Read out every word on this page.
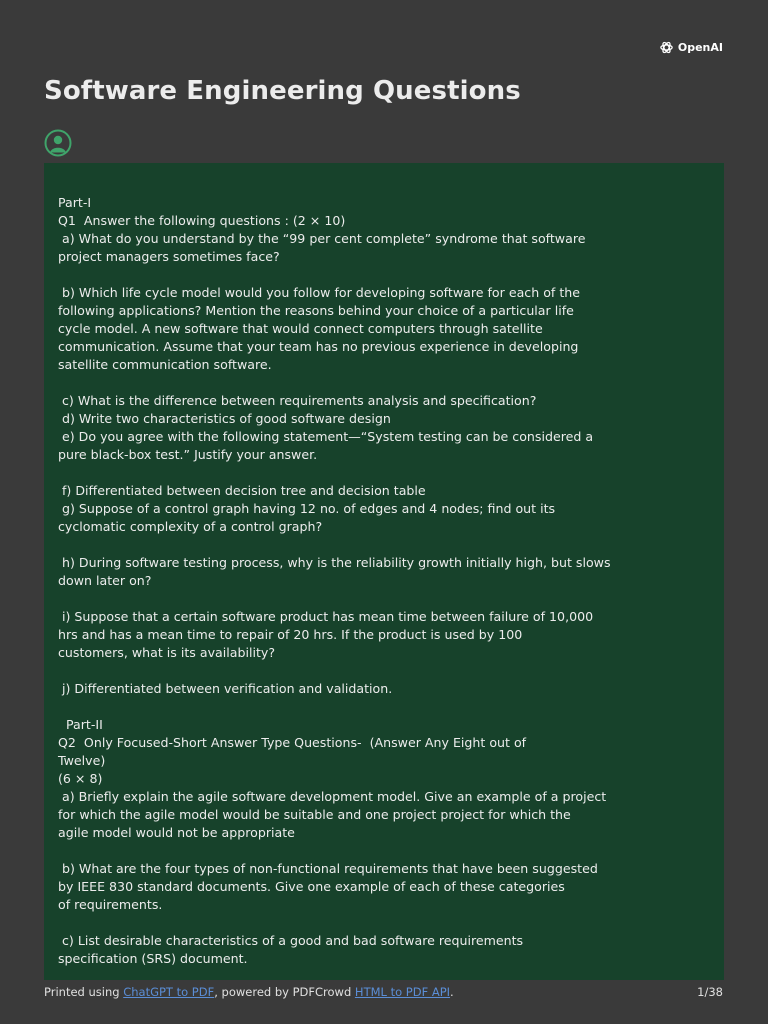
OpenAI
Software Engineering Questions
Part-I
Q1  Answer the following questions : (2 × 10)
a) What do you understand by the “99 per cent complete” syndrome that software
project managers sometimes face?
b) Which life cycle model would you follow for developing software for each of the
following applications? Mention the reasons behind your choice of a particular life
cycle model. A new software that would connect computers through satellite
communication. Assume that your team has no previous experience in developing
satellite communication software.
c) What is the difference between requirements analysis and specification?
d) Write two characteristics of good software design
e) Do you agree with the following statement—“System testing can be considered a
pure black-box test.” Justify your answer.
f) Differentiated between decision tree and decision table
g) Suppose of a control graph having 12 no. of edges and 4 nodes; find out its
cyclomatic complexity of a control graph?
h) During software testing process, why is the reliability growth initially high, but slows
down later on?
i) Suppose that a certain software product has mean time between failure of 10,000
hrs and has a mean time to repair of 20 hrs. If the product is used by 100
customers, what is its availability?
j) Differentiated between verification and validation.
Part-II
Q2  Only Focused-Short Answer Type Questions-  (Answer Any Eight out of
Twelve)
(6 × 8)
a) Briefly explain the agile software development model. Give an example of a project
for which the agile model would be suitable and one project project for which the
agile model would not be appropriate
b) What are the four types of non-functional requirements that have been suggested
by IEEE 830 standard documents. Give one example of each of these categories
of requirements.
c) List desirable characteristics of a good and bad software requirements
specification (SRS) document.
Printed using ChatGPT to PDF, powered by PDFCrowd HTML to PDF API.	1/38
